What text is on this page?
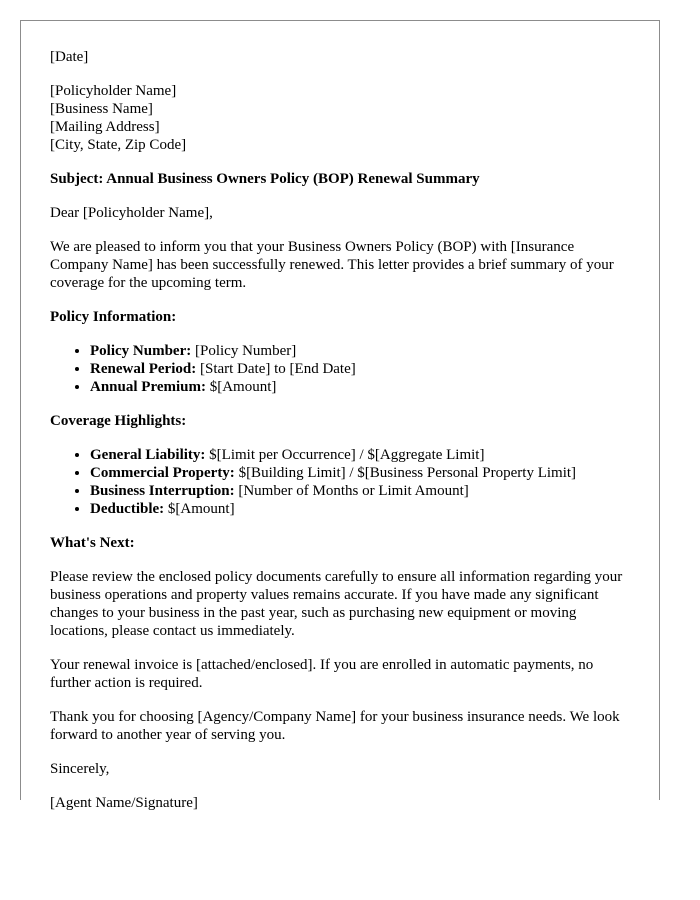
[Date]

[Policyholder Name]
[Business Name]
[Mailing Address]
[City, State, Zip Code]

Subject: Annual Business Owners Policy (BOP) Renewal Summary

Dear [Policyholder Name],

We are pleased to inform you that your Business Owners Policy (BOP) with [Insurance Company Name] has been successfully renewed. This letter provides a brief summary of your coverage for the upcoming term.

Policy Information:

• Policy Number: [Policy Number]
• Renewal Period: [Start Date] to [End Date]
• Annual Premium: $[Amount]

Coverage Highlights:

• General Liability: $[Limit per Occurrence] / $[Aggregate Limit]
• Commercial Property: $[Building Limit] / $[Business Personal Property Limit]
• Business Interruption: [Number of Months or Limit Amount]
• Deductible: $[Amount]

What's Next:

Please review the enclosed policy documents carefully to ensure all information regarding your business operations and property values remains accurate. If you have made any significant changes to your business in the past year, such as purchasing new equipment or moving locations, please contact us immediately.

Your renewal invoice is [attached/enclosed]. If you are enrolled in automatic payments, no further action is required.

Thank you for choosing [Agency/Company Name] for your business insurance needs. We look forward to another year of serving you.

Sincerely,

[Agent Name/Signature]
